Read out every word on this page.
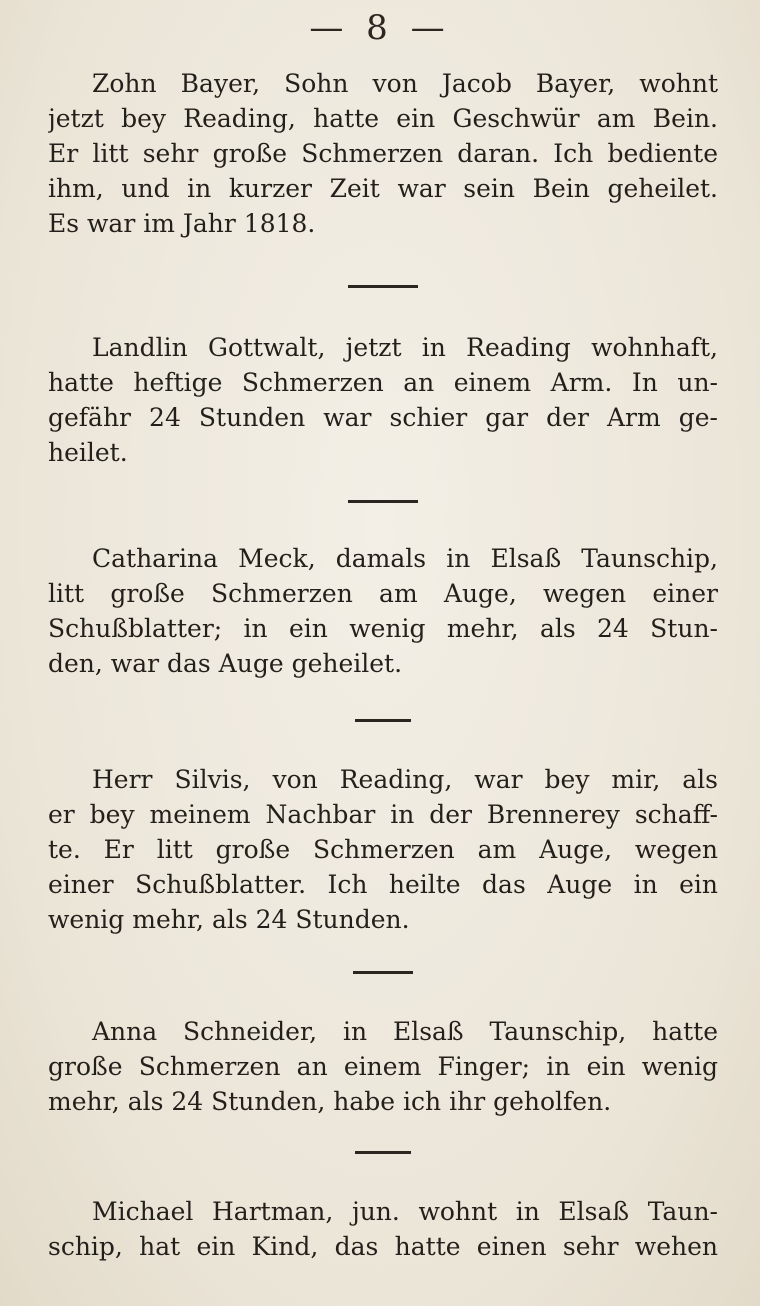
— 8 —

Zohn Bayer, Sohn von Jacob Bayer, wohnt
jetzt bey Reading, hatte ein Geschwür am Bein.
Er litt sehr große Schmerzen daran. Ich bediente
ihm, und in kurzer Zeit war sein Bein geheilet.
Es war im Jahr 1818.

Landlin Gottwalt, jetzt in Reading wohnhaft,
hatte heftige Schmerzen an einem Arm. In un-
gefähr 24 Stunden war schier gar der Arm ge-
heilet.

Catharina Meck, damals in Elsaß Taunschip,
litt große Schmerzen am Auge, wegen einer
Schußblatter; in ein wenig mehr, als 24 Stun-
den, war das Auge geheilet.

Herr Silvis, von Reading, war bey mir, als
er bey meinem Nachbar in der Brennerey schaff-
te. Er litt große Schmerzen am Auge, wegen
einer Schußblatter. Ich heilte das Auge in ein
wenig mehr, als 24 Stunden.

Anna Schneider, in Elsaß Taunschip, hatte
große Schmerzen an einem Finger; in ein wenig
mehr, als 24 Stunden, habe ich ihr geholfen.

Michael Hartman, jun. wohnt in Elsaß Taun-
schip, hat ein Kind, das hatte einen sehr wehen
